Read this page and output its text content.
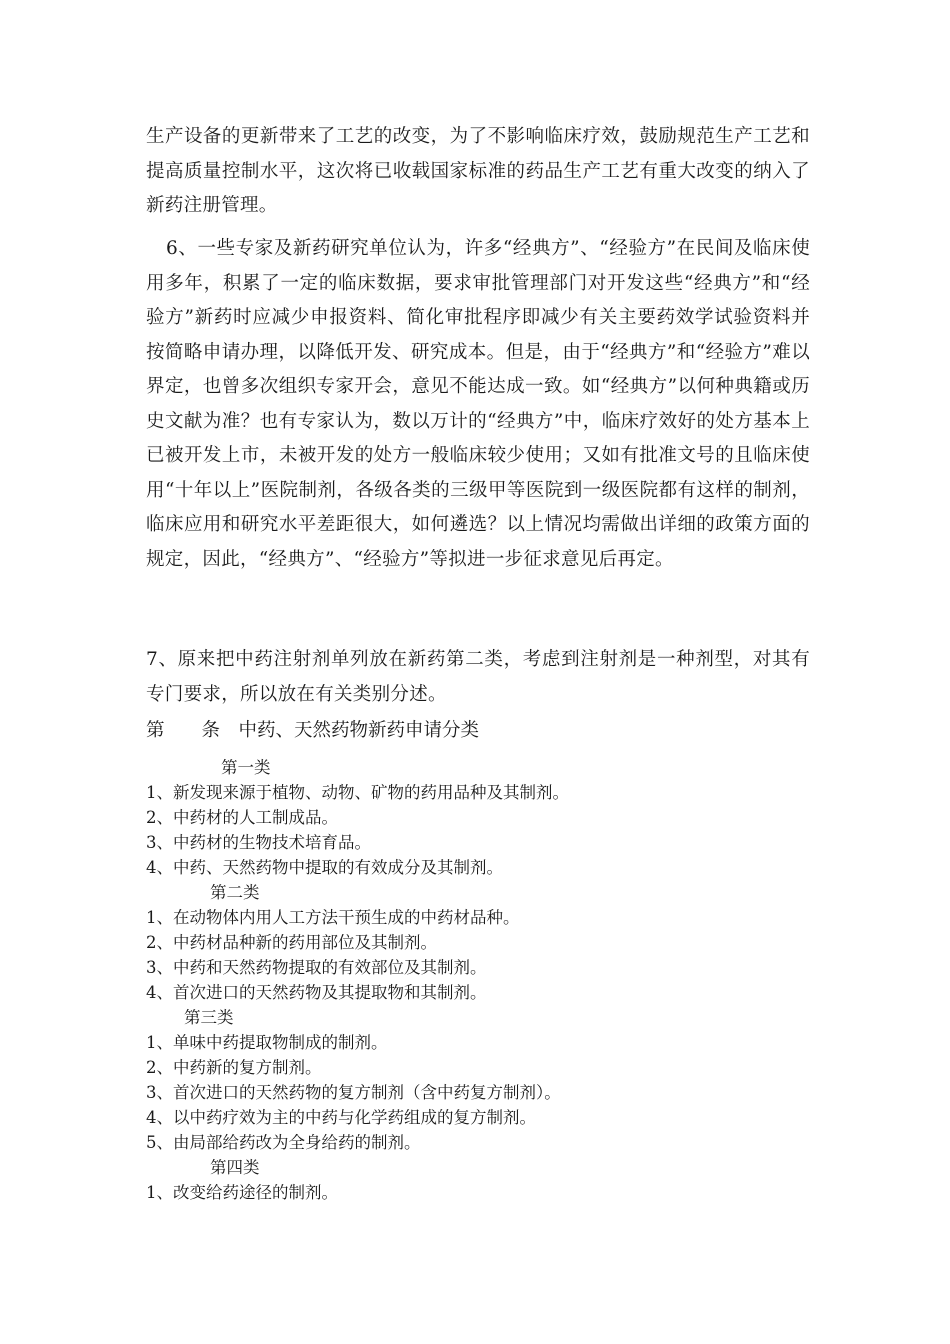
生产设备的更新带来了工艺的改变，为了不影响临床疗效，鼓励规范生产工艺和提高质量控制水平，这次将已收载国家标准的药品生产工艺有重大改变的纳入了新药注册管理。

6、一些专家及新药研究单位认为，许多“经典方”、“经验方”在民间及临床使用多年，积累了一定的临床数据，要求审批管理部门对开发这些“经典方”和“经验方”新药时应减少申报资料、简化审批程序即减少有关主要药效学试验资料并按简略申请办理，以降低开发、研究成本。但是，由于“经典方”和“经验方”难以界定，也曾多次组织专家开会，意见不能达成一致。如“经典方”以何种典籍或历史文献为准？也有专家认为，数以万计的“经典方”中，临床疗效好的处方基本上已被开发上市，未被开发的处方一般临床较少使用；又如有批准文号的且临床使用“十年以上”医院制剂，各级各类的三级甲等医院到一级医院都有这样的制剂，临床应用和研究水平差距很大，如何遴选？以上情况均需做出详细的政策方面的规定，因此，“经典方”、“经验方”等拟进一步征求意见后再定。

7、原来把中药注射剂单列放在新药第二类，考虑到注射剂是一种剂型，对其有专门要求，所以放在有关类别分述。

第　　条　中药、天然药物新药申请分类

第一类
1、新发现来源于植物、动物、矿物的药用品种及其制剂。
2、中药材的人工制成品。
3、中药材的生物技术培育品。
4、中药、天然药物中提取的有效成分及其制剂。
第二类
1、在动物体内用人工方法干预生成的中药材品种。
2、中药材品种新的药用部位及其制剂。
3、中药和天然药物提取的有效部位及其制剂。
4、首次进口的天然药物及其提取物和其制剂。
第三类
1、单味中药提取物制成的制剂。
2、中药新的复方制剂。
3、首次进口的天然药物的复方制剂（含中药复方制剂）。
4、以中药疗效为主的中药与化学药组成的复方制剂。
5、由局部给药改为全身给药的制剂。
第四类
1、改变给药途径的制剂。
